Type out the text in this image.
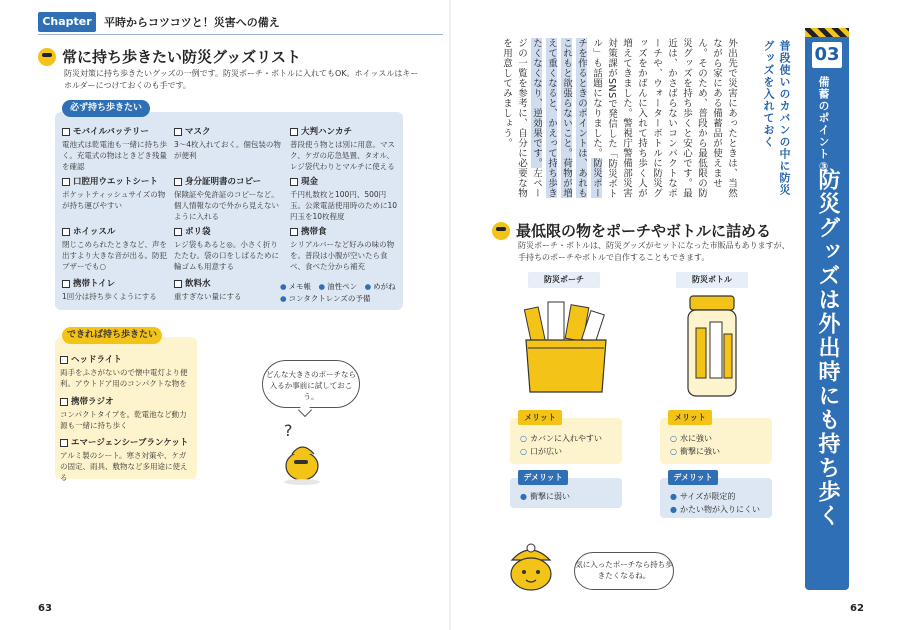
Chapter 2
平時からコツコツと！災害への備え
常に持ち歩きたい防災グッズリスト
防災対策に持ち歩きたいグッズの一例です。防災ポーチ・ボトルに入れてもOK。ホイッスルはキーホルダーにつけておくのも手です。
必ず持ち歩きたい
モバイルバッテリー
電池式は乾電池も一緒に持ち歩く。充電式の物はときどき残量を確認
マスク
3～4枚入れておく。個包装の物が便利
大判ハンカチ
普段使う物とは別に用意。マスク、ケガの応急処置、タオル、レジ袋代わりとマルチに使える
口腔用ウエットシート
ポケットティッシュサイズの物が持ち運びやすい
身分証明書のコピー
保険証や免許証のコピーなど。個人情報なので外から見えないように入れる
現金
千円札数枚と100円、500円玉。公衆電話使用時のために10円玉を10枚程度
ホイッスル
閉じこめられたときなど、声を出すより大きな音が出る。防犯ブザーでも○
ポリ袋
レジ袋もあると◎。小さく折りたたむ。袋の口をしばるために輪ゴムも用意する
携帯食
シリアルバーなど好みの味の物を。普段は小腹が空いたら食べ、食べた分から補充
携帯トイレ
1回分は持ち歩くようにする
飲料水
重すぎない量にする
● メモ帳　 ● 油性ペン　 ● めがね
● コンタクトレンズの予備
できれば持ち歩きたい
ヘッドライト
両手をふさがないので懐中電灯より便利。アウトドア用のコンパクトな物を
携帯ラジオ
コンパクトタイプを。乾電池など動力源も一緒に持ち歩く
エマージェンシーブランケット
アルミ製のシート。寒さ対策や、ケガの固定、雨具、敷物など多用途に使える
どんな大きさのポーチなら入るか事前に試しておこう。
?
63
03
備蓄のポイント③
防災グッズは外出時にも持ち歩く
普段使いのカバンの中に防災グッズを入れておく
外出先で災害にあったときは、当然ながら家にある備蓄品が使えません。そのため、普段から最低限の防災グッズを持ち歩くと安心です。最近は、かさばらないコンパクトなポーチや、ウォーターボトルに防災グッズをかばんに入れて持ち歩く人が増えてきました。警視庁警備部災害対策課がSNSで発信した「防災ボトル」も話題になりました。防災ポーチを作るときのポイントは、あれもこれもと欲張らないこと。荷物が増えて重くなると、かえって持ち歩きたくなくなり、逆効果です。左ページの一覧を参考に、自分に必要な物を用意してみましょう。
最低限の物をポーチやボトルに詰める
防災ポーチ・ボトルは、防災グッズがセットになった市販品もありますが、手持ちのポーチやボトルで自作することもできます。
防災ポーチ	防災ボトル
メリット
○ カバンに入れやすい
○ 口が広い
デメリット
● 衝撃に弱い
メリット
○ 水に強い
○ 衝撃に強い
デメリット
● サイズが限定的
● かたい物が入りにくい
気に入ったポーチなら持ち歩きたくなるね。
62
